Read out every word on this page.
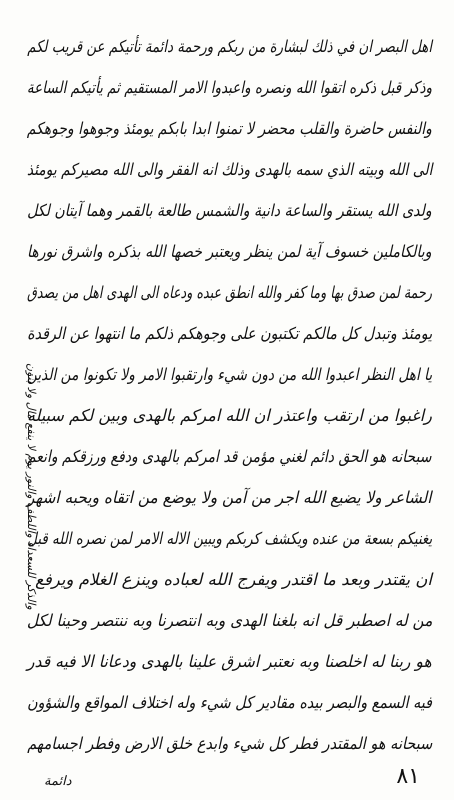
اهل البصر ان في ذلك لبشارة من ربكم ورحمة دائمة تأتيكم عن قريب لكم
وذكر قبل ذكره اتقوا الله ونصره واعبدوا الامر المستقيم ثم يأتيكم الساعة
والنفس حاضرة والقلب محضر لا تمنوا ابدا بابكم يومئذ وجوهوا وجوهكم
الى الله وبيته الذي سمه بالهدى وذلك انه الفقر والى الله مصيركم يومئذ
ولدى الله يستقر والساعة دانية والشمس طالعة بالقمر وهما آيتان لكل
وبالكاملين خسوف آية لمن ينظر ويعتبر خصها الله بذكره واشرق نورها
رحمة لمن صدق بها وما كفر والله انطق عبده ودعاه الى الهدى اهل من يصدق
يومئذ وتبدل كل مالكم تكتبون على وجوهكم ذلكم ما انتهوا عن الرقدة
يا اهل النظر اعبدوا الله من دون شيء وارتقبوا الامر ولا تكونوا من الذين
راغبوا من ارتقب واعتذر ان الله امركم بالهدى وبين لكم سبيله
سبحانه هو الحق دائم لغني مؤمن قد امركم بالهدى ودفع ورزقكم وانعم
الشاعر ولا يضيع الله اجر من آمن ولا يوضع من اتقاه ويحبه اشهر
يغنيكم بسعة من عنده ويكشف كربكم ويبين الاله الامر لمن نصره الله قبل
ان يقتدر وبعد ما اقتدر ويفرج الله لعباده وينزع الغلام ويرفع
من له اصطبر قل انه بلغنا الهدى وبه انتصرنا وبه ننتصر وحينا لكل
هو ربنا له اخلصنا وبه نعتبر اشرق علينا بالهدى ودعانا الا فيه قدر
فيه السمع والبصر بيده مقادير كل شيء وله اختلاف المواقع والشؤون
سبحانه هو المقتدر فطر كل شيء وابدع خلق الارض وفطر اجسامهم
والذكر للسعداء واللطف والنور يوم لا ينفع مال ولا بنون
دائمة	٨١
